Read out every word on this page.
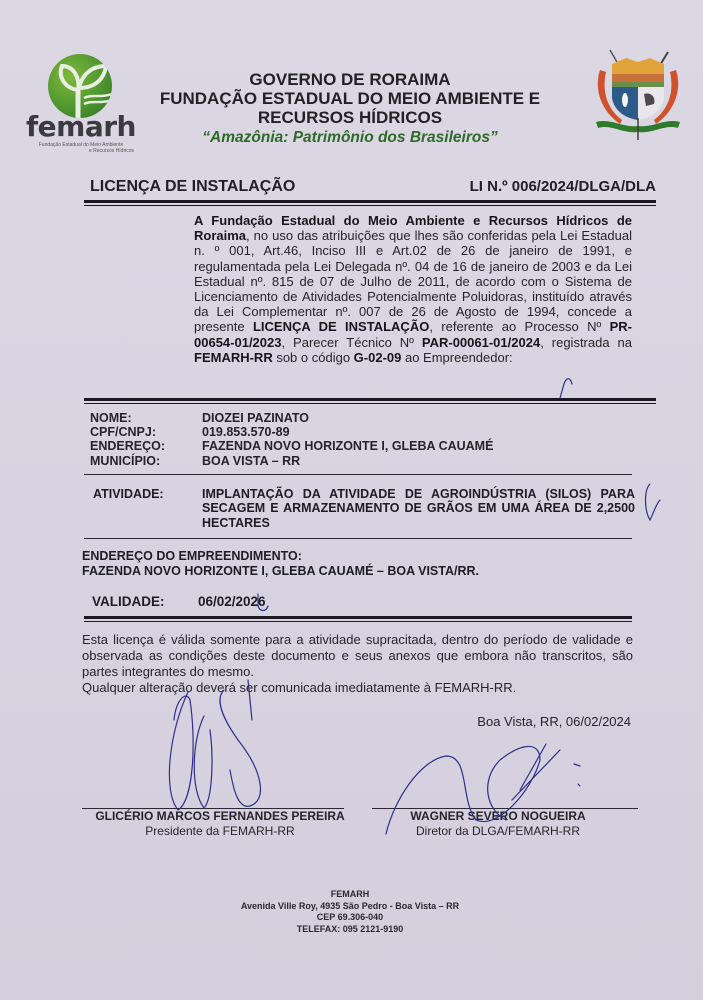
femarh
Fundação Estadual do Meio Ambiente
e Recursos Hídricos
GOVERNO DE RORAIMA
FUNDAÇÃO ESTADUAL DO MEIO AMBIENTE E
RECURSOS HÍDRICOS
“Amazônia: Patrimônio dos Brasileiros”
LICENÇA DE INSTALAÇÃO	LI N.º 006/2024/DLGA/DLA
A Fundação Estadual do Meio Ambiente e Recursos Hídricos de Roraima, no uso das atribuições que lhes são conferidas pela Lei Estadual n. º 001, Art.46, Inciso III e Art.02 de 26 de janeiro de 1991, e regulamentada pela Lei Delegada nº. 04 de 16 de janeiro de 2003 e da Lei Estadual nº. 815 de 07 de Julho de 2011, de acordo com o Sistema de Licenciamento de Atividades Potencialmente Poluidoras, instituído através da Lei Complementar nº. 007 de 26 de Agosto de 1994, concede a presente LICENÇA DE INSTALAÇÃO, referente ao Processo Nº PR-00654-01/2023, Parecer Técnico Nº PAR-00061-01/2024, registrada na FEMARH-RR sob o código G-02-09 ao Empreendedor:
NOME:	DIOZEI PAZINATO
CPF/CNPJ:	019.853.570-89
ENDEREÇO:	FAZENDA NOVO HORIZONTE I, GLEBA CAUAMÉ
MUNICÍPIO:	BOA VISTA – RR
ATIVIDADE:	IMPLANTAÇÃO DA ATIVIDADE DE AGROINDÚSTRIA (SILOS) PARA SECAGEM E ARMAZENAMENTO DE GRÃOS EM UMA ÁREA DE 2,2500 HECTARES
ENDEREÇO DO EMPREENDIMENTO:
FAZENDA NOVO HORIZONTE I, GLEBA CAUAMÉ – BOA VISTA/RR.
VALIDADE:	06/02/2026
Esta licença é válida somente para a atividade supracitada, dentro do período de validade e observada as condições deste documento e seus anexos que embora não transcritos, são partes integrantes do mesmo.
Qualquer alteração deverá ser comunicada imediatamente à FEMARH-RR.
Boa Vista, RR, 06/02/2024
GLICÉRIO MARCOS FERNANDES PEREIRA
Presidente da FEMARH-RR
WAGNER SEVERO NOGUEIRA
Diretor da DLGA/FEMARH-RR
FEMARH
Avenida Ville Roy, 4935 São Pedro - Boa Vista – RR
CEP 69.306-040
TELEFAX: 095 2121-9190
